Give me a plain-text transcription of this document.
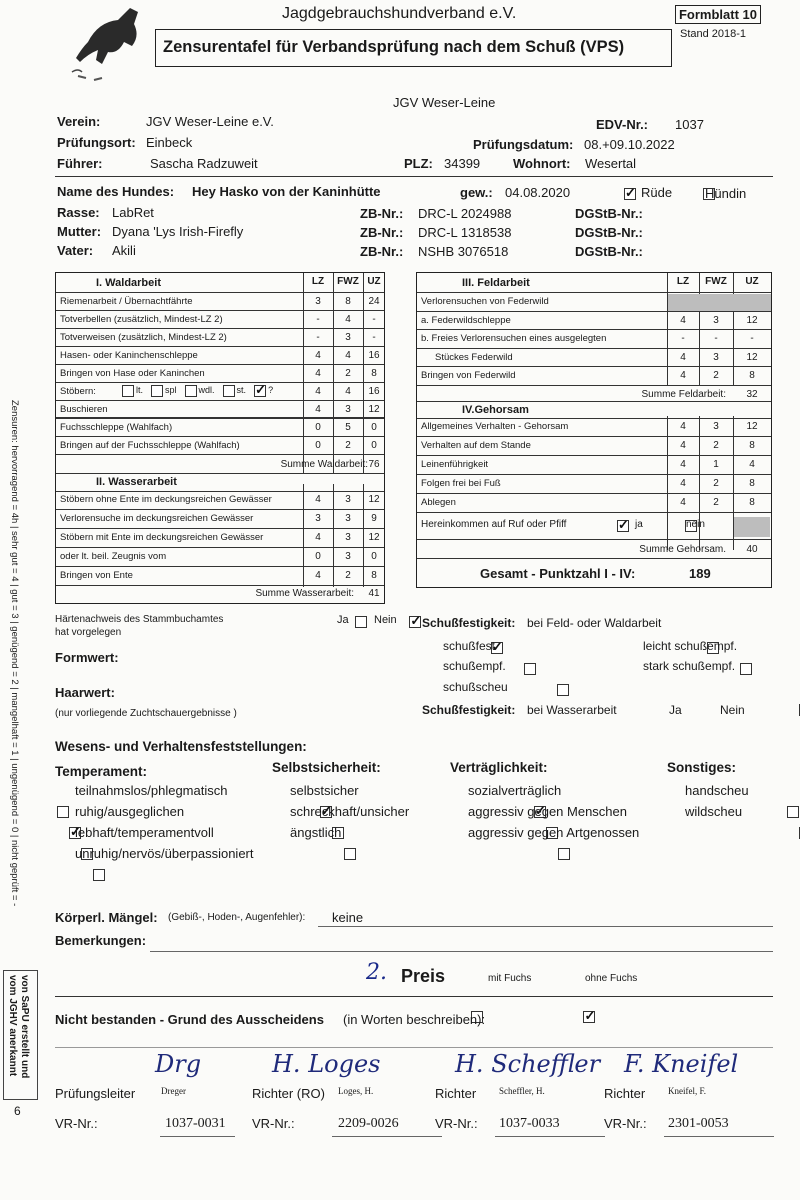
Jagdgebrauchshundverband e.V.
Zensurentafel für Verbandsprüfung nach dem Schuß (VPS)
Formblatt 10
Stand 2018-1
JGV Weser-Leine
Verein:	JGV Weser-Leine e.V.	EDV-Nr.: 1037
Prüfungsort: Einbeck	Prüfungsdatum: 08.+09.10.2022
Führer:	Sascha Radzuweit	PLZ: 34399	Wohnort: Wesertal
Name des Hundes: Hey Hasko von der Kaninhütte	gew.: 04.08.2020 ✓	Rüde
	Hündin
Rasse: LabRet
Mutter: Dyana 'Lys Irish-Firefly
Vater: Akili
ZB-Nr.: DRC-L 2024988
ZB-Nr.: DRC-L 1318538
ZB-Nr.: NSHB 3076518
DGStB-Nr.:
DGStB-Nr.:
DGStB-Nr.:
I. Waldarbeit	LZ	FWZ UZ
Riemenarbeit / Übernachtfährte	3	8	24
Totverbellen (zusätzlich, Mindest-LZ 2)	-	4	-
Totverweisen (zusätzlich, Mindest-LZ 2)	-	3	-
Hasen- oder Kaninchenschleppe	4	4	16
Bringen von Hase oder Kaninchen	4	2	8
Stöbern:	4	4	16
lt. spl wdl. st. ✓ ?
Buschieren	4	3	12
Fuchsschleppe (Wahlfach)	0	5	0
Bringen auf der Fuchsschleppe (Wahlfach)	0	2	0
Summe Waldarbeit: 76
II. Wasserarbeit
Stöbern ohne Ente im deckungsreichen Gewässer	4	3	12
Verlorensuche im deckungsreichen Gewässer	3	3	9
Stöbern mit Ente im deckungsreichen Gewässer	4	3	12
oder lt. beil. Zeugnis vom	0	3	0
Bringen von Ente	4	2	8
Summe Wasserarbeit:	41
III. Feldarbeit	LZ	FWZ	UZ
Verlorensuchen von Federwild
a. Federwildschleppe	4	3	12
b. Freies Verlorensuchen eines ausgelegten	-	-	-
Stückes Federwild	4	3	12
Bringen von Federwild	4	2	8
Summe Feldarbeit:	32
IV.Gehorsam
Allgemeines Verhalten - Gehorsam	4	3	12
Verhalten auf dem Stande	4	2	8
Leinenführigkeit	4	1	4
Folgen frei bei Fuß	4	2	8
Ablegen	4	2	8
Hereinkommen auf Ruf oder Pfiff ✓	ja	nein
Summe Gehorsam.	40
Gesamt - Punktzahl I - IV:	189
Härtenachweis des Stammbuchamtes
hat vorgelegen

Ja ✓ Nein
Formwert:
Haarwert:
(nur vorliegende Zuchtschauergebnisse )
Schußfestigkeit: bei Feld- oder Waldarbeit
✓
schußfest
	leicht schußempf.

schußempf.
	stark schußempf.

schußscheu
Schußfestigkeit: bei Wasserarbeit ✓	Ja	Nein
Wesens- und Verhaltensfeststellungen:
Temperament:	Selbstsicherheit:	Verträglichkeit:	Sonstiges:
teilnahmslos/phlegmatisch
✓
ruhig/ausgeglichen
lebhaft/temperamentvoll
unruhig/nervös/überpassioniert
✓
selbstsicher
schreckhaft/unsicher
ängstlich
✓
sozialverträglich
aggressiv gegen Menschen
aggressiv gegen Artgenossen
handscheu
wildscheu
Körperl. Mängel: (Gebiß-, Hoden-, Augenfehler): keine
Bemerkungen:
2. Preis
	mit Fuchs
✓	ohne Fuchs
Nicht bestanden - Grund des Ausscheidens (in Worten beschreiben):
Drg
Prüfungsleiter	Dreger
VR-Nr.:	1037-0031
H. Loges
Richter (RO) Loges, H.
VR-Nr.:	2209-0026
H. Scheffler
Richter	Scheffler, H.
VR-Nr.: 1037-0033
F. Kneifel
Richter	Kneifel, F.
VR-Nr.: 2301-0053
Zensuren: hervorragend = 4h | sehr gut = 4 | gut = 3 | genügend = 2 | mangelhaft = 1 | ungenügend = 0 | nicht geprüft = -
von SaPU erstellt und
vom JGHV anerkannt
6
